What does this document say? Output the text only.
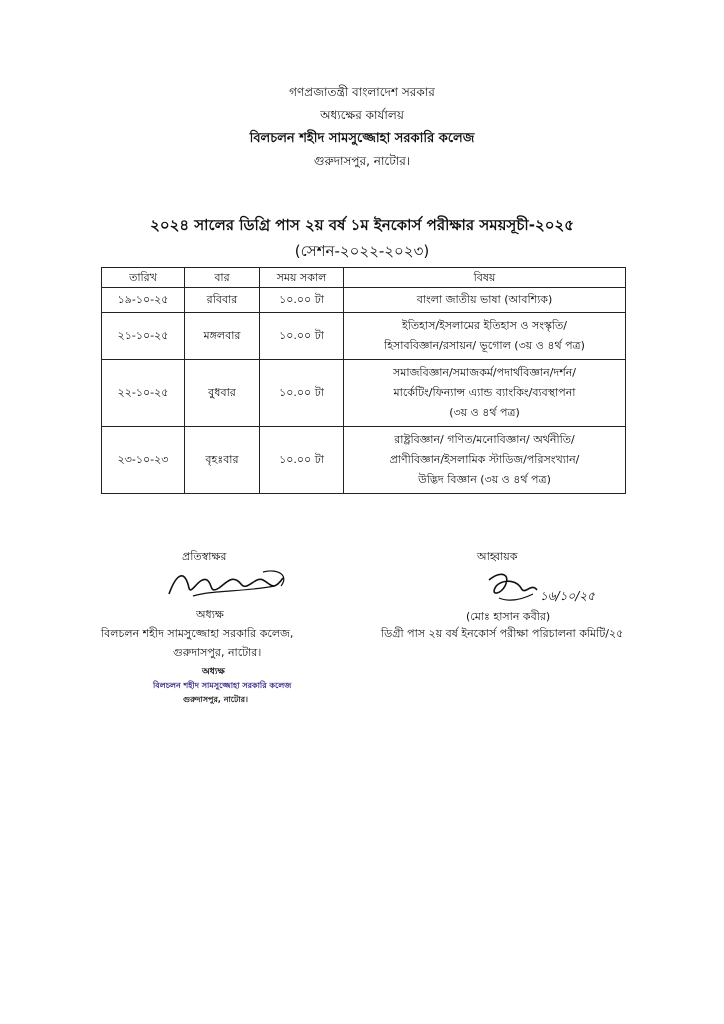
গণপ্রজাতন্ত্রী বাংলাদেশ সরকার
অধ্যক্ষের কার্যালয়
বিলচলন শহীদ সামসুজ্জোহা সরকারি কলেজ
গুরুদাসপুর, নাটোর।
২০২৪ সালের ডিগ্রি পাস ২য় বর্ষ ১ম ইনকোর্স পরীক্ষার সময়সূচী-২০২৫
(সেশন-২০২২-২০২৩)
তারিখ	বার	সময় সকাল	বিষয়
১৯-১০-২৫	রবিবার	১০.০০ টা	বাংলা জাতীয় ভাষা (আবশ্যিক)

২১-১০-২৫	মঙ্গলবার	১০.০০ টা	ইতিহাস/ইসলামের ইতিহাস ও সংস্কৃতি/
হিসাববিজ্ঞান/রসায়ন/ ভূগোল (৩য় ও ৪র্থ পত্র)

২২-১০-২৫	বুধবার	১০.০০ টা	সমাজবিজ্ঞান/সমাজকর্ম/পদার্থবিজ্ঞান/দর্শন/
মার্কেটিং/ফিন্যান্স এ্যান্ড ব্যাংকিং/ব্যবস্থাপনা
(৩য় ও ৪র্থ পত্র)

২৩-১০-২৩	বৃহঃবার	১০.০০ টা	রাষ্ট্রবিজ্ঞান/ গণিত/মনোবিজ্ঞান/ অর্থনীতি/
প্রাণীবিজ্ঞান/ইসলামিক স্টাডিজ/পরিসংখ্যান/
উদ্ভিদ বিজ্ঞান (৩য় ও ৪র্থ পত্র)
প্রতিস্বাক্ষর
অধ্যক্ষ
বিলচলন শহীদ সামসুজ্জোহা সরকারি কলেজ,
গুরুদাসপুর, নাটোর।
অধ্যক্ষ
বিলচলন শহীদ সামসুজ্জোহা সরকারি কলেজ
গুরুদাসপুর, নাটোর।
আহ্বায়ক
১৬/১০/২৫
(মোঃ হাসান কবীর)
ডিগ্রী পাস ২য় বর্ষ ইনকোর্স পরীক্ষা পরিচালনা কমিটি/২৫
